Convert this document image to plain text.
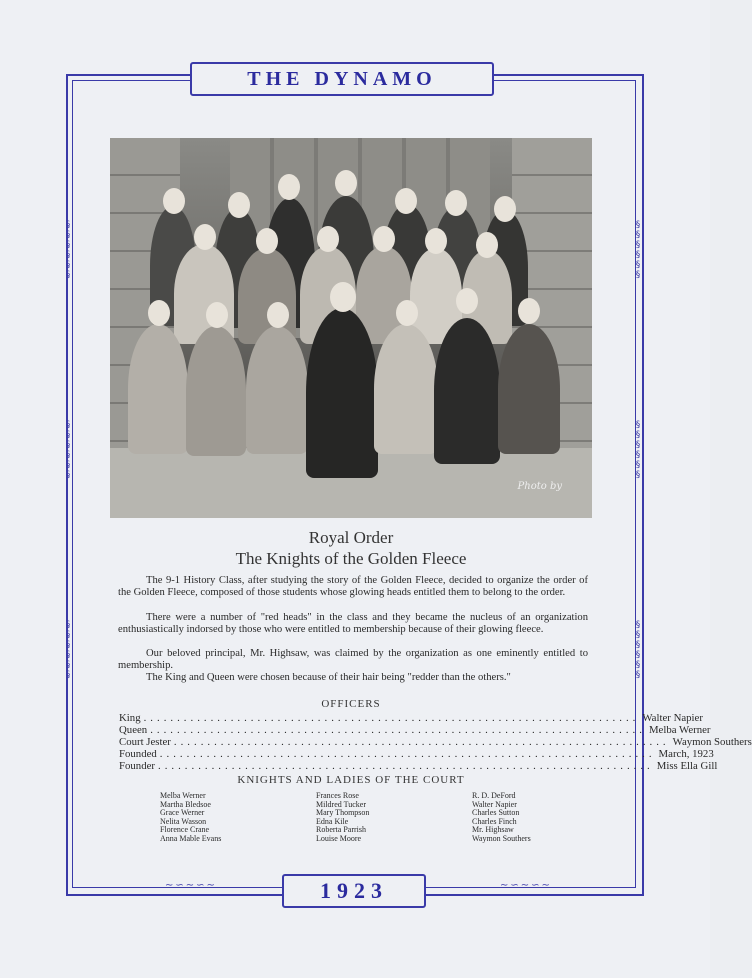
§
§
§
§
§
§
§
§
§
§
§
§
§
§
§
§
§
§
§
§
§
§
§
§
§
§
§
§
§
§
§
§
§
§
§
§
∼∽∼∽∼	∼∽∼∽∼
THE DYNAMO
Photo by
Royal Order
The Knights of the Golden Fleece
The 9-1 History Class, after studying the story of the Golden Fleece, decided to organize the order of the Golden Fleece, composed of those students whose glowing heads entitled them to belong to the order.
There were a number of "red heads" in the class and they became the nucleus of an organization enthusiastically indorsed by those who were entitled to membership because of their glowing fleece.
Our beloved principal, Mr. Highsaw, was claimed by the organization as one eminently entitled to membership.
The King and Queen were chosen because of their hair being "redder than the others."
OFFICERS
King .......................................................................... Walter Napier
Queen .......................................................................... Melba Werner
Court Jester .......................................................................... Waymon Southers
Founded .......................................................................... March, 1923
Founder .......................................................................... Miss Ella Gill
KNIGHTS AND LADIES OF THE COURT
Melba Werner
Martha Bledsoe
Grace Werner
Nelita Wasson
Florence Crane
Anna Mable Evans
Frances Rose
Mildred Tucker
Mary Thompson
Edna Kile
Roberta Parrish
Louise Moore
R. D. DeFord
Walter Napier
Charles Sutton
Charles Finch
Mr. Highsaw
Waymon Southers
1923
